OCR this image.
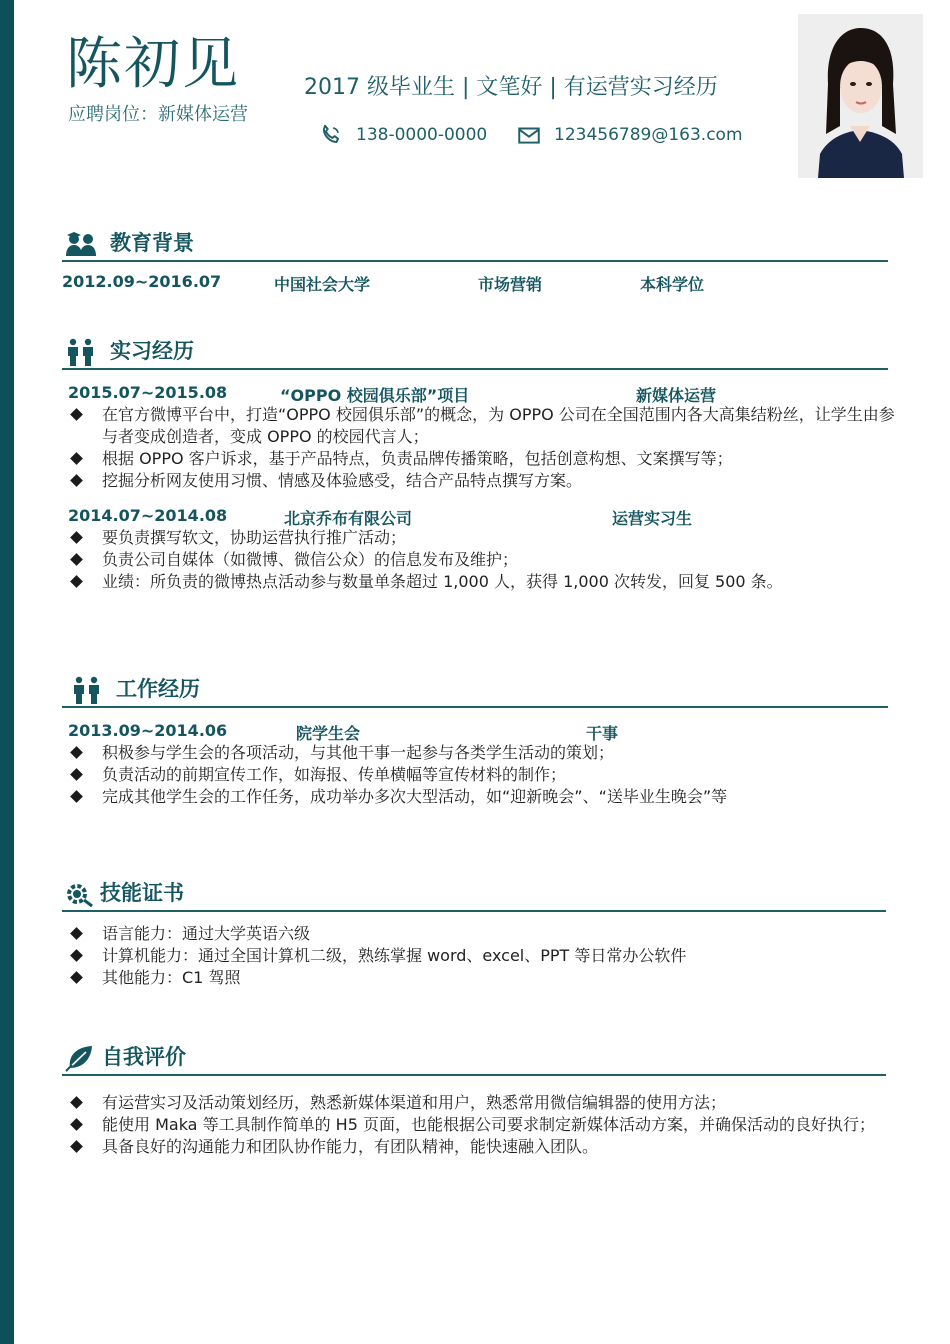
陈初见
应聘岗位：新媒体运营
2017 级毕业生 | 文笔好 | 有运营实习经历
138-0000-0000	123456789@163.com
教育背景
2012.09~2016.07	中国社会大学	市场营销	本科学位
实习经历
2015.07~2015.08	“OPPO 校园俱乐部”项目	新媒体运营
在官方微博平台中，打造“OPPO 校园俱乐部”的概念，为 OPPO 公司在全国范围内各大高集结粉丝，让学生由参与者变成创造者，变成 OPPO 的校园代言人；
根据 OPPO 客户诉求，基于产品特点，负责品牌传播策略，包括创意构想、文案撰写等；
挖掘分析网友使用习惯、情感及体验感受，结合产品特点撰写方案。
2014.07~2014.08	北京乔布有限公司	运营实习生
要负责撰写软文，协助运营执行推广活动；
负责公司自媒体（如微博、微信公众）的信息发布及维护；
业绩：所负责的微博热点活动参与数量单条超过 1,000 人，获得 1,000 次转发，回复 500 条。
工作经历
2013.09~2014.06	院学生会	干事
积极参与学生会的各项活动，与其他干事一起参与各类学生活动的策划；
负责活动的前期宣传工作，如海报、传单横幅等宣传材料的制作；
完成其他学生会的工作任务，成功举办多次大型活动，如“迎新晚会”、“送毕业生晚会”等
技能证书
语言能力：通过大学英语六级
计算机能力：通过全国计算机二级，熟练掌握 word、excel、PPT 等日常办公软件
其他能力：C1 驾照
自我评价
有运营实习及活动策划经历，熟悉新媒体渠道和用户，熟悉常用微信编辑器的使用方法；
能使用 Maka 等工具制作简单的 H5 页面，也能根据公司要求制定新媒体活动方案，并确保活动的良好执行；
具备良好的沟通能力和团队协作能力，有团队精神，能快速融入团队。
